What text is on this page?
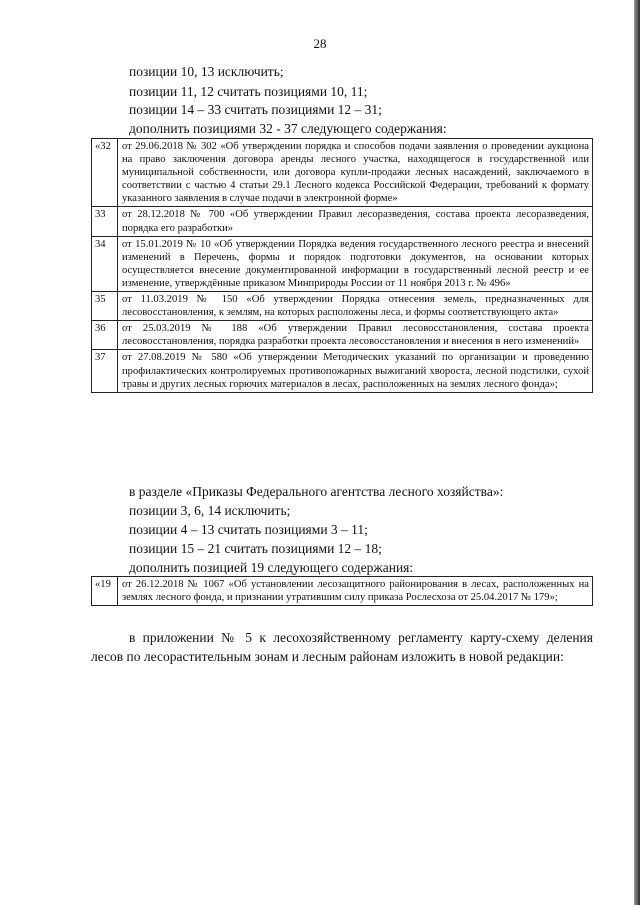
28
позиции 10, 13 исключить;
позиции 11, 12 считать позициями 10, 11;
позиции 14 – 33 считать позициями 12 – 31;
дополнить позициями 32 - 37 следующего содержания:
«32	от 29.06.2018 № 302 «Об утверждении порядка и способов подачи заявления о проведении аукциона на право заключения договора аренды лесного участка, находящегося в государственной или муниципальной собственности, или договора купли-продажи лесных насаждений, заключаемого в соответствии с частью 4 статьи 29.1 Лесного кодекса Российской Федерации, требований к формату указанного заявления в случае подачи в электронной форме»
33	от 28.12.2018 № 700 «Об утверждении Правил лесоразведения, состава проекта лесоразведения, порядка его разработки»
34	от 15.01.2019 № 10 «Об утверждении Порядка ведения государственного лесного реестра и внесений изменений в Перечень, формы и порядок подготовки документов, на основании которых осуществляется внесение документированной информации в государственный лесной реестр и ее изменение, утверждённые приказом Минприроды России от 11 ноября 2013 г. № 496»
35	от 11.03.2019 № 150 «Об утверждении Порядка отнесения земель, предназначенных для лесовосстановления, к землям, на которых расположены леса, и формы соответствующего акта»
36	от 25.03.2019 № 188 «Об утверждении Правил лесовосстановления, состава проекта лесовосстановления, порядка разработки проекта лесовосстановления и внесения в него изменений»
37	от 27.08.2019 № 580 «Об утверждении Методических указаний по организации и проведению профилактических контролируемых противопожарных выжиганий хвороста, лесной подстилки, сухой травы и других лесных горючих материалов в лесах, расположенных на землях лесного фонда»;
в разделе «Приказы Федерального агентства лесного хозяйства»:
позиции 3, 6, 14 исключить;
позиции 4 – 13 считать позициями 3 – 11;
позиции 15 – 21 считать позициями 12 – 18;
дополнить позицией 19 следующего содержания:
«19	от 26.12.2018 № 1067 «Об установлении лесозащитного районирования в лесах, расположенных на землях лесного фонда, и признании утратившим силу приказа Рослесхоза от 25.04.2017 № 179»;
в приложении № 5 к лесохозяйственному регламенту карту-схему деления лесов по лесорастительным зонам и лесным районам изложить в новой редакции:
